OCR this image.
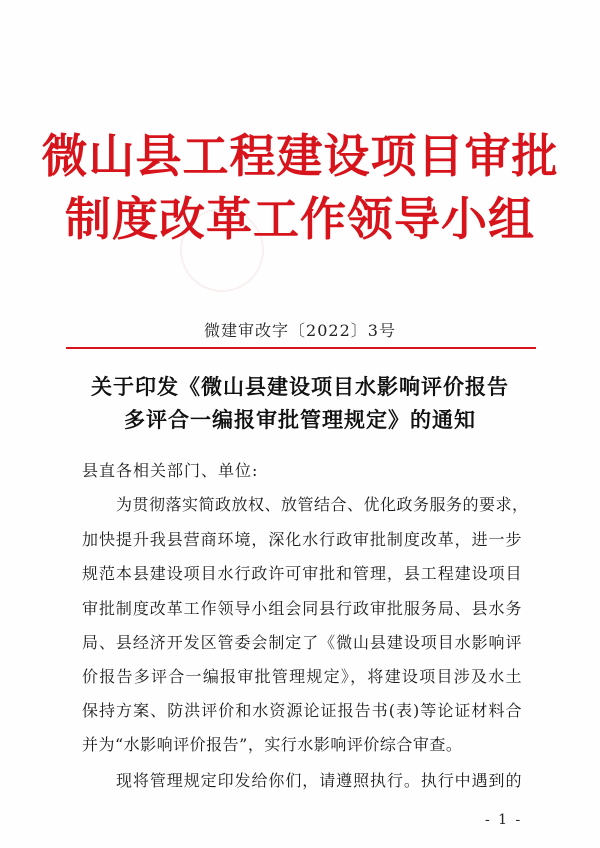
微山县工程建设项目审批
制度改革工作领导小组
微建审改字〔2022〕3号
关于印发《微山县建设项目水影响评价报告
多评合一编报审批管理规定》的通知
县直各相关部门、单位:
为贯彻落实简政放权、放管结合、优化政务服务的要求，
加快提升我县营商环境，深化水行政审批制度改革，进一步
规范本县建设项目水行政许可审批和管理，县工程建设项目
审批制度改革工作领导小组会同县行政审批服务局、县水务
局、县经济开发区管委会制定了《微山县建设项目水影响评
价报告多评合一编报审批管理规定》，将建设项目涉及水土
保持方案、防洪评价和水资源论证报告书(表)等论证材料合
并为“水影响评价报告”，实行水影响评价综合审查。
现将管理规定印发给你们，请遵照执行。执行中遇到的
- 1 -
